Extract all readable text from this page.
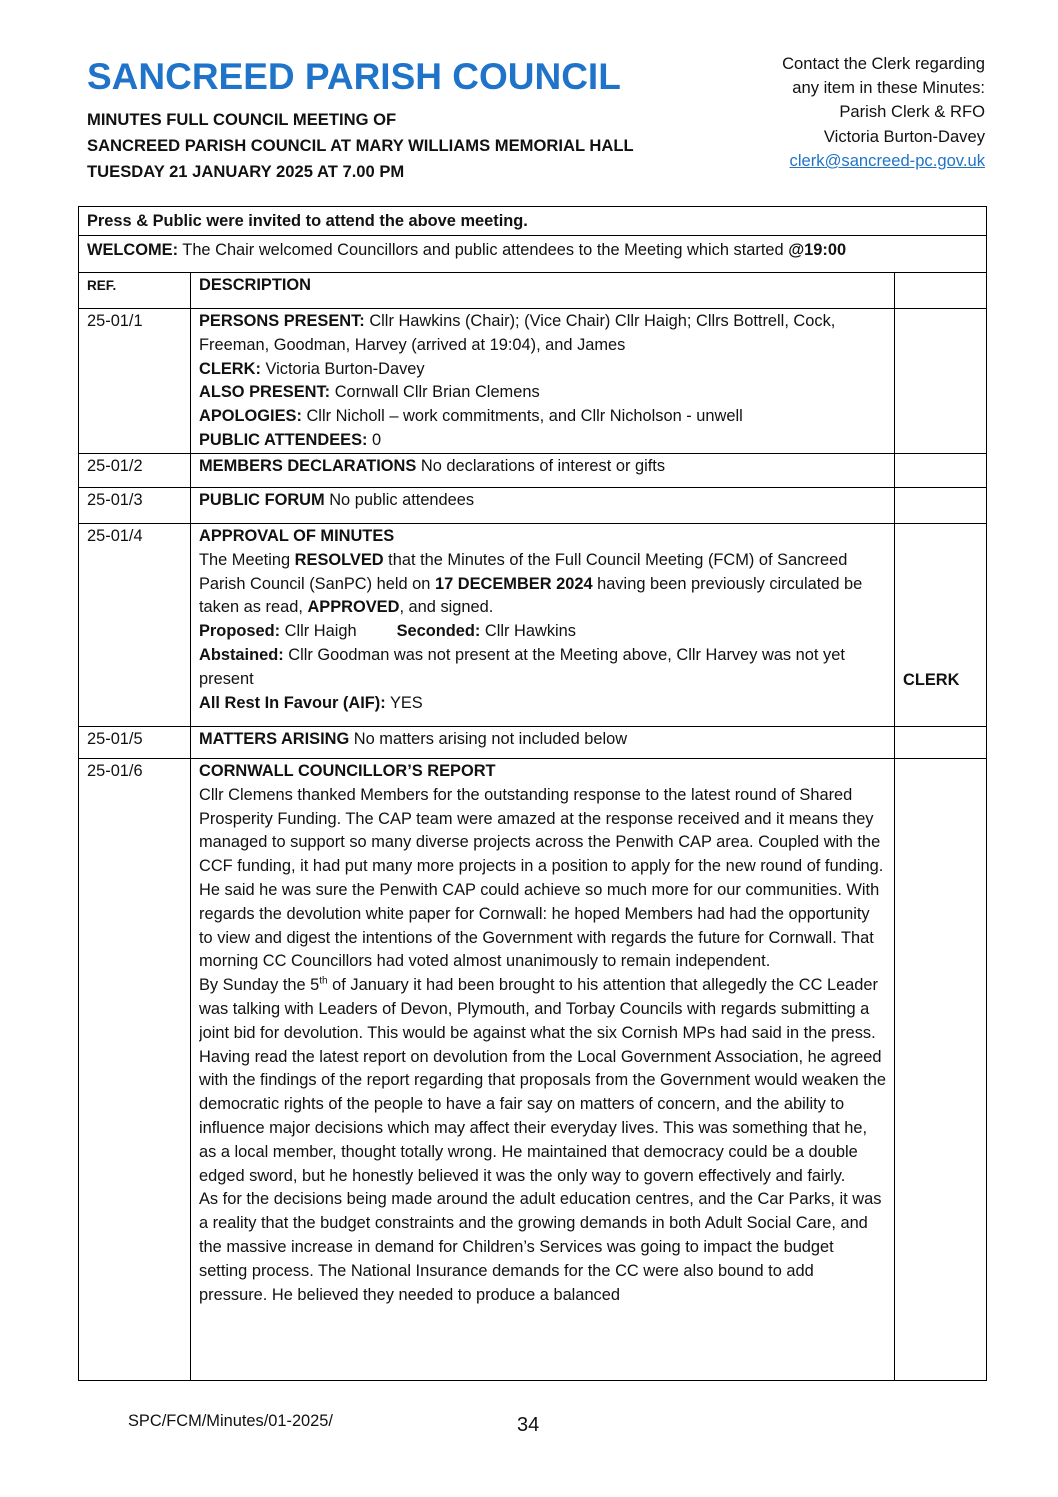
SANCREED PARISH COUNCIL
MINUTES FULL COUNCIL MEETING OF
SANCREED PARISH COUNCIL AT MARY WILLIAMS MEMORIAL HALL
TUESDAY 21 JANUARY 2025 AT 7.00 PM
Contact the Clerk regarding
any item in these Minutes:
Parish Clerk & RFO
Victoria Burton-Davey
clerk@sancreed-pc.gov.uk
Press & Public were invited to attend the above meeting.		
WELCOME: The Chair welcomed Councillors and public attendees to the Meeting which started @19:00		
REF.	DESCRIPTION	
25-01/1	PERSONS PRESENT: Cllr Hawkins (Chair); (Vice Chair) Cllr Haigh; Cllrs Bottrell, Cock, Freeman, Goodman, Harvey (arrived at 19:04), and James

CLERK: Victoria Burton-Davey

ALSO PRESENT: Cornwall Cllr Brian Clemens

APOLOGIES: Cllr Nicholl – work commitments, and Cllr Nicholson - unwell

PUBLIC ATTENDEES: 0	

25-01/2	MEMBERS DECLARATIONS No declarations of interest or gifts	
25-01/3	PUBLIC FORUM No public attendees	
25-01/4	APPROVAL OF MINUTES

The Meeting RESOLVED that the Minutes of the Full Council Meeting (FCM) of Sancreed Parish Council (SanPC) held on 17 DECEMBER 2024 having been previously circulated be taken as read, APPROVED, and signed.

Proposed: Cllr Haigh Seconded: Cllr Hawkins

Abstained: Cllr Goodman was not present at the Meeting above, Cllr Harvey was not yet present

All Rest In Favour (AIF): YES	CLERK
25-01/5	MATTERS ARISING No matters arising not included below	
25-01/6	CORNWALL COUNCILLOR’S REPORT

Cllr Clemens thanked Members for the outstanding response to the latest round of Shared Prosperity Funding. The CAP team were amazed at the response received and it means they managed to support so many diverse projects across the Penwith CAP area. Coupled with the CCF funding, it had put many more projects in a position to apply for the new round of funding. He said he was sure the Penwith CAP could achieve so much more for our communities. With regards the devolution white paper for Cornwall: he hoped Members had had the opportunity to view and digest the intentions of the Government with regards the future for Cornwall. That morning CC Councillors had voted almost unanimously to remain independent.

By Sunday the 5th of January it had been brought to his attention that allegedly the CC Leader was talking with Leaders of Devon, Plymouth, and Torbay Councils with regards submitting a joint bid for devolution. This would be against what the six Cornish MPs had said in the press.

Having read the latest report on devolution from the Local Government Association, he agreed with the findings of the report regarding that proposals from the Government would weaken the democratic rights of the people to have a fair say on matters of concern, and the ability to influence major decisions which may affect their everyday lives. This was something that he, as a local member, thought totally wrong. He maintained that democracy could be a double edged sword, but he honestly believed it was the only way to govern effectively and fairly.

As for the decisions being made around the adult education centres, and the Car Parks, it was a reality that the budget constraints and the growing demands in both Adult Social Care, and the massive increase in demand for Children’s Services was going to impact the budget setting process. The National Insurance demands for the CC were also bound to add pressure. He believed they needed to produce a balanced	

SPC/FCM/Minutes/01-2025/	34
